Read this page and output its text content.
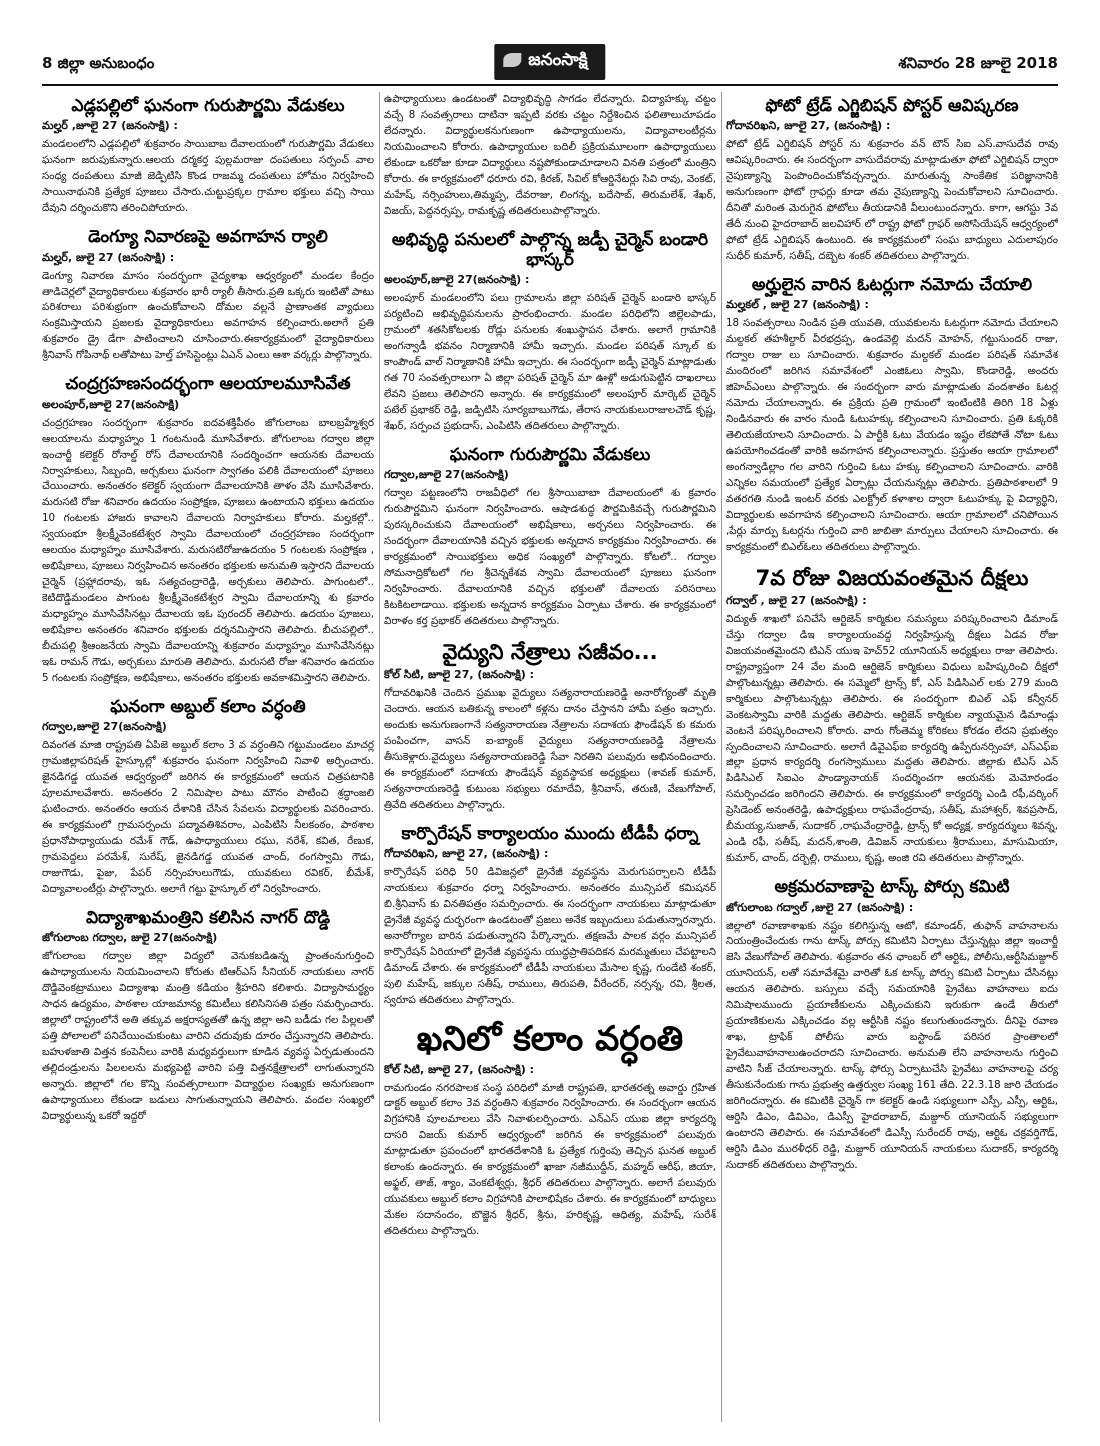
8 జిల్లా అనుబంధం	జనంసాక్షి	శనివారం 28 జూలై 2018
ఎడ్లపల్లిలో ఘనంగా గురుపౌర్ణమి వేడుకలు
మల్హర్ ,జూలై 27 (జనంసాక్షి) :
మండలంలోని ఎడ్లపల్లిలో శుక్రవారం సాయిబాబ దేవాలయంలో గురుపౌర్ణమి వేడుకలు ఘనంగా జరుపుకున్నారు.ఆలయ దర్మకర్త పుల్లమరాజు దంపతులు సర్పంచ్ వాల సంధ్య దంపతులు మాజీ జెడ్పిటిసి కొండ రాజమ్మ దంపతులు హోమం నిర్వహించి సాయినాథునికి ప్రత్యేక పూజలు చేసారు.చుట్టుప్రక్కల గ్రామాల భక్తులు వచ్చి సాయి దేవుని దర్శించుకొని తరించిపోయారు.
డెంగ్యూ నివారణపై అవగాహన ర్యాలి
మల్హర్, జులై 27 (జనంసాక్షి) :
డెంగ్యూ నివారణ మాసం సందర్భంగా వైద్యశాఖ ఆధ్వర్యంలో మండల కేంద్రం తాడిచెర్లలో వైద్యాధికారులు శుక్రవారం భారీ ర్యాలీ తీసారు.ప్రతి ఒక్కరు ఇంటితో పాటు పరిశరాలు పరిశుభ్రంగా ఉంచుకోవాలని దోమల వల్లనే ప్రాణాంతక వ్యాధులు సంక్రమిస్తాయని ప్రజలకు వైద్యాధికారులు అవగాహన కల్పించారు.అలాగే ప్రతి శుక్రవారం డ్రై డేగా పాటించాలని చూసించారు.ఈకార్యక్రమంలో వైద్యాధికారులు శ్రీనివాస్ గోపినాథ్ లతోపాటు హెల్త్ హసిస్టెంట్లు ఏఎన్ ఎంలు ఆశా వర్కర్లు పాల్గొన్నారు.
చంద్రగ్రహణసందర్భంగా ఆలయాలమూసివేత
అలంపూర్,జూలై 27(జనంసాక్షి)
చంద్రగ్రహణం సందర్భంగా శుక్రవారం ఐదవశక్తిపీఠం జోగులాంబ బాలబ్రహ్మేశ్వర ఆలయాలను మధ్యాహ్నం 1 గంటనుండి మూసివేశారు. జోగులాంబ గద్వాల జిల్లా ఇంచార్జీ కలెక్టర్ రోనాల్డ్ రోస్ దేవాలయానికి సందర్శించగా ఆయనకు దేవాలయ నిర్వాహకులు, సిబ్బంది, అర్చకులు ఘనంగా స్వాగతం పలికి దేవాలయంలో పూజలు చేయించారు. అనంతరం కలెక్టర్ స్వయంగా దేవాలయానికి తాళం వేసి మూసివేశారు. మరుసటి రోజు శనివారం ఉదయం సంప్రోక్షణ, పూజలు ఉంటాయని భక్తులు ఉదయం 10 గంటలకు హాజరు కావాలని దేవాలయ నిర్వాహకులు కోరారు. మల్హకల్లో.. స్వయంభూ శ్రీలక్ష్మీవెంకటేశ్వర స్వామి దేవాలయంలో చంద్రగ్రహణం సందర్భంగా ఆలయం మధ్యాహ్నం మూసివేశారు. మరుసటిరోజుఉదయం 5 గంటలకు సంప్రోక్షణ , అభిషేకాలు, పూజలు నిర్వహించిన అనంతరం భక్తులకు అనుమతి ఇస్తారని దేవాలయ చైర్మెన్ (ప్రహ్లాదరావు, ఇఓ సత్యచంద్రారెడ్డి, అర్చకులు తెలిపారు. పాగుంటలో.. కెటిదొడ్డిమండలం పాగుంట శ్రీలక్ష్మీవెంకటేశ్వర స్వామి దేవాలయాన్ని శు క్రవారం మధ్యాహ్నం మూసివేసినట్లు దేవాలయ ఇఓ పురందర్ తెలిపారు. ఉదయం పూజలు, అభిషేకాల అనంతరం శనివారం భక్తులకు దర్శనమిస్తారని తెలిపారు. బీచుపల్లిలో.. బీచుపల్లి శ్రీఆంజనేయ స్వామి దేవాలయాన్ని శుక్రవారం మధ్యాహ్నం మూసివేసినట్లు ఇఓ రామన్ గౌడు, అర్చకులు మారుతి తెలిపారు. మరుసటి రోజు శనివారం ఉదయం 5 గంటలకు సంప్రోక్షణ, అభిషేకాలు, అనంతరం భక్తులకు అవకాశమిస్తారని తెలిపారు.
ఘనంగా అబ్దుల్ కలాం వర్ధంతి
గద్వాల,జూలై 27(జనంసాక్షి)
దివంగత మాజి రాష్ట్రపతి ఏపిజె అబ్దుల్ కలాం 3 వ వర్ధంతిని గట్టుమండలం మాచర్ల గ్రామజిల్లాపరిషత్ హైస్కూల్లో శుక్రవారం ఘనంగా నిర్వహించి నివాళి అర్పించారు. జైనడిగడ్డ యువత ఆధ్వర్యంలో జరిగిన ఈ కార్యక్రమంలో ఆయన చిత్రపటానికి పూలమాలవేశారు. అనంతరం 2 నిమిషాల పాటు మౌనం పాటించి శ్రద్ధాంజలి ఘటించారు. అనంతరం ఆయన దేశానికి చేసిన సేవలను విద్యార్థులకు వివరించారు. ఈ కార్యక్రమంలో గ్రామసర్పంచు పద్మావతిశివరాం, ఎంపిటిసి నీలకంఠం, పాఠశాల ప్రధానోపాధ్యాయుడు రమేశ్ గౌడ్, ఉపాధ్యాయులు రఘు, నరేశ్, కవిత, రేణుక, గ్రామపెద్దలు పరమేశ్, సురేష్, జైనడిగడ్డ యువత చాంద్, రంగస్వామి గౌడు, రాజుగౌడు, పైజు, పేపర్ నర్సింహులుగౌడు, యువకులు రవికర్, బీమేశ్, విద్యావాలంటీర్లు పాల్గొన్నారు. అలాగే గట్టు హైస్కూల్ లో నిర్వహించారు.
విద్యాశాఖమంత్రిని కలిసిన నాగర్ దొడ్డి
జోగులాంబ గద్వాల, జులై 27(జనంసాక్షి)
జోగులాంబ గద్వాల జిల్లా విద్యలో వెనుకబడిఉన్న ప్రాంతంనుగుర్తించి ఉపాధ్యాయులను నియమించాలని కోరుతు టిఆర్ఎస్ సీనియర్ నాయకులు నాగర్ దొడ్డివెంకట్రాములు విద్యాశాఖ మంత్రి కడియం శ్రీహరిని కలిశారు. విద్యాసామర్థ్యం సాధన ఉద్యమం, పాఠశాల యాజమాన్య కమిటీలు కలిసినిసతి పత్రం సమర్పించారు. జిల్లాలో రాష్ట్రంలోనే అతి తక్కువ అక్షరాస్యతతో ఉన్న జిల్లా అని బడీడు గల పిల్లలతో పత్తి పోలాలలో పనిచేయించుకుంటు వారిని చదువుకు దూరం చేస్తున్నారని తెలిపారు. బహుళజాతి విత్తన కంపెనీలు వారికి మధ్యవర్తులుగా కూడిన వ్యవస్థ ఏర్పడుతుందని తల్లిదండ్రులను పిలలలను మభ్యపెట్టి వారిని పత్తి విత్తనక్షేత్రాలలో లాగుతున్నారని అన్నారు. జిల్లాలో గల కొన్ని సంవత్సరాలుగా విద్యార్థుల సంఖ్యకు అనుగుణంగా ఉపాధ్యాయులు లేకుండా బడులు సాగుతున్నాయని తెలిపారు. వందల సంఖ్యలో విద్యార్థులున్న ఒకరో ఇద్దరో
ఉపాధ్యాయులు ఉండటంతో విద్యాభివృద్ధి సాగడం లేదన్నారు. విద్యాహక్కు చట్టం వచ్చే 8 సంవత్సరాలు దాటినా ఇప్పటి వరకు చట్టం నిర్దేశించిన ఫలితాలుచూపడం లేదన్నారు. విద్యార్థులకనుగుణంగా ఉపాధ్యాయులను, విద్యావాలంటీర్లను నియమించాలని కోరారు. ఉపాధ్యాయుల బదిలీ ప్రక్రియమూలంగా ఉపాధ్యాయులు లేకుండా ఒకరోజు కూడా విద్యార్థులు నష్టపోకుండాచూడాలని వినతి పత్రంలో మంత్రిని కోరారు. ఈ కార్యక్రమంలో ధరూరు రవి, కిరణ్, సివిల్ కోఆర్డినేటర్లు సివి రావు, వెంకట్, మహేష్, నర్సింహులు,తిమ్మప్ప, దేవరాజు, లింగన్న, బదేసాబ్, తిరుమలేశ్, శేఖర్, విజయ్, పెద్దనర్సప్ప, రామకృష్ణ తదితరులుపాల్గొన్నారు.
అభివృద్ధి పనులలో పాల్గొన్న జడ్పీ చైర్మెన్ బండారి భాస్కర్
అలంపూర్,జూలై 27(జనంసాక్షి) :
అలంపూర్ మండలంలోని పలు గ్రామాలను జిల్లా పరిషత్ చైర్మెన్ బండారి భాస్కర్ పర్యటించి అభివృద్ధిపనులను ప్రారంభించారు. మండల పరిధిలోని జిల్లెలపాడు, గ్రామంలో శతసికోటలకు రోడ్లు పనులకు శంఖుస్థాపన చేశారు. అలాగే గ్రామానికి అంగన్వాడీ భవనం నిర్మాణానికి హామీ ఇచ్చారు. మండల పరిషత్ స్కూల్ కు కాంపౌండ్ వాల్ నిర్మాణానికి హామీ ఇచ్చారు. ఈ సందర్భంగా జడ్పీ చైర్మెన్ మాట్లాడుతు గత 70 సంవత్సరాలుగా ఏ జిల్లా పరిషత్ చైర్మెన్ మా ఊళ్లో అడుగుపెట్టిన దాఖలాలు లేవని ప్రజలు తెలిపారని అన్నారు. ఈ కార్యక్రమంలో అలంపూర్ మార్కెట్ చైర్మెన్ పటేల్ ప్రభాకర్ రెడ్డి, జడ్పిటిసి సూర్యబాబుగౌడు, తేరాస నాయకులురాజులచౌడ్ కృష్ణ, శేఖర్, సర్పంచ ప్రభుదాస్, ఎంపిటిసి తదితరులు పాల్గొన్నారు.
ఘనంగా గురుపౌర్ణమి వేడుకలు
గద్వాల,జూలై 27(జనంసాక్షి)
గద్వాల పట్టణంలోని రాజవీధిలో గల శ్రీసాయిబాబా దేవాలయంలో శు క్రవారం గురుపౌర్ణమిని ఘనంగా నిర్వహించారు. ఆషాడశుద్ధ పౌర్ణమికివచ్చే గురుపౌర్ణమిని పురస్కరించుకుని దేవాలయంలో అభిషేకాలు, అర్చనలు నిర్వహించారు. ఈ సందర్భంగా దేవాలయానికి వచ్చిన భక్తులకు అన్నదాన కార్యక్రమం నిర్వహించారు. ఈ కార్యక్రమంలో సాయిభక్తులు అధిక సంఖ్యలో పాల్గొన్నారు. కోటలో.. గద్వాల సోమనాద్రికోటలో గల శ్రీచెన్నకేశవ స్వామి దేవాలయంలో పూజలు ఘనంగా నిర్వహించారు. దేవాలయానికి వచ్చిన భక్తులతో దేవాలయ పరిసరాలు కిటకిటలాడాయి. భక్తులకు అన్నదాన కార్యక్రమం ఏర్పాటు చేశారు. ఈ కార్యక్రమంలో విరాళం కర్త ప్రభాకర్ తదితరులు పాల్గొన్నారు.
వైద్యుని నేత్రాలు సజీవం...
కోల్ సిటి, జూలై 27, (జనంసాక్షి) :
గోదావరిఖనికి చెందిన ప్రముఖ వైద్యులు సత్యనారాయణరెడ్డి అనారోగ్యంతో మృతి చెందారు. ఆయన బతికున్న కాలంలో కళ్లను దానం చేస్తానని హామీ పత్రం ఇచ్చారు. అందుకు అనుగుణంగానే సత్యనారాయణ నేత్రాలను సదాశయ ఫౌండేషన్ కు కమరు పంపించగా, వాసన్ ఐ-బ్యాంక్ వైద్యులు సత్యనారాయణరెడ్డి నేత్రాలను తీసుకెళ్లారు.వైద్యులు సత్యనారాయణరెడ్డి సేవా నిరతిని పలువురు అభినందించారు. ఈ కార్యక్రమంలో సదాశయ ఫౌండేషన్ వ్యవస్థాపక అధ్యక్షులు (శావణ్ కుమార్, సత్యనారాయణరెడ్డి కుటుంబ సభ్యులు రమాదేవి, శ్రీనివాస్, తరుణి, వేణుగోపాల్, త్రివేది తదితరులు పాల్గొన్నారు.
కార్పొరేషన్ కార్యాలయం ముందు టీడీపీ ధర్నా
గోదావరిఖని, జూలై 27, (జనంసాక్షి) :
కార్పొరేషన్ పరిధి 50 డివిజన్లలో డ్రైనేజీ వ్యవస్థను మెరుగుపర్చాలని టీడీపీ నాయకులు శుక్రవారం ధర్నా నిర్వహించారు. అనంతరం మున్సిపల్ కమిషనర్ బి.శ్రీనివాస్ కు వినతిపత్రం సమర్పించారు. ఈ సందర్భంగా నాయకులు మాట్లాడుతూ డ్రైనేజీ వ్యవస్థ దుర్భరంగా ఉండటంతో ప్రజలు అనేక ఇబ్బందులు పడుతున్నారన్నారు. అనారోగ్యాల బారిన పడుతున్నారని పేర్కొన్నారు. తక్షణమే పాలక వర్గం మున్సిపల్ కార్పొరేషన్ ఏరియాలో డ్రైనేజీ వ్యవస్థను యుద్ధప్రాతిపదికన మరమ్మతులు చేపట్టాలని డిమాండ్ చేశారు. ఈ కార్యక్రమంలో టీడీపీ నాయకులు మేసాల కృష్ణ, గుండేటి శంకర్, పులి మహేష్, జక్కుల సతీష్, రాములు, తిరుపతి, వీరేందర్, నర్సన్న, రవి, శ్రీలత, స్వరూప తదితరులు పాల్గొన్నారు.
ఖనిలో కలాం వర్ధంతి
కోల్ సిటి, జూలై 27, (జనంసాక్షి) :
రామగుండం నగరపాలక సంస్థ పరిధిలో మాజీ రాష్ట్రపతి, భారతరత్న అవార్డు గ్రహిత డాక్టర్ అబ్దుల్ కలాం 3వ వర్ధంతిని శుక్రవారం నిర్వహించారు. ఈ సందర్భంగా ఆయన విగ్రహానికి పూలమాలలు వేసి నివాళులర్పించారు. ఎన్ఎస్ యుఐ జిల్లా కార్యదర్శి దాసరి విజయ్ కుమార్ ఆధ్వర్యంలో జరిగిన ఈ కార్యక్రమంలో పలువురు మాట్లాడుతూ ప్రపంచంలో భారతదేశానికి ఓ ప్రత్యేక గుర్తింపు తెచ్చిన ఘనత అబ్దుల్ కలాంకు ఉందన్నారు. ఈ కార్యక్రమంలో ఖాజా నజీముద్దీన్, మహ్మద్ ఆరీఫ్, జియా, అఫ్జల్, తాజ్, శ్యాం, వెంకటేశ్వర్లు, శ్రీధర్ తదితరులు పాల్గొన్నారు. అలాగే పలువురు యువకులు అబ్దుల్ కలాం విగ్రహానికి పాలాభిషేకం చేశారు. ఈ కార్యక్రమంలో బాధ్యులు మేకల సదానందం, బొజ్జెన శ్రీధర్, శ్రీను, హరికృష్ణ, ఆధిత్య, మహేష్, సురేశ్ తదితరులు పాల్గొన్నారు.
ఫోటో ట్రేడ్ ఎగ్జిబిషన్ పోస్టర్ ఆవిష్కరణ
గోదావరిఖని, జూలై 27, (జనంసాక్షి) :
ఫోటో ట్రేడ్ ఎగ్జిబిషన్ పోస్టర్ ను శుక్రవారం వన్ టౌన్ సిఐ ఎస్.వాసుదేవ రావు ఆవిష్కరించారు. ఈ సందర్భంగా వాసుదేవరావు మాట్లాడుతూ ఫోటో ఎగ్జిబిషన్ ద్వారా నైపుణ్యాన్ని పెంపొందించుకోవచ్చన్నారు. మారుతున్న సాంకేతిక పరిజ్ఞానానికి అనుగుణంగా ఫోటో గ్రాఫర్లు కూడా తమ నైపుణ్యాన్ని పెంచుకోవాలని సూచించారు. దీనితో మరింత మెరుగైన ఫోటోలు తీయడానికి వీలుంటుందన్నారు. కాగా, ఆగస్టు 3వ తేదీ నుంచి హైదరాబాద్ జలవిహార్ లో రాష్ట్ర ఫోటో గ్రాఫర్ అసోసియేషన్ ఆధ్వర్యంలో ఫోటో ట్రేడ్ ఎగ్జిబిషన్ ఉంటుంది. ఈ కార్యక్రమంలో సంఘ బాధ్యులు ఎదులాపురం సుధీర్ కుమార్, సతీష్, దబ్బెట శంకర్ తదితరులు పాల్గొన్నారు.
అర్హులైన వారిన ఓటర్లుగా నమోదు చేయాలి
మల్హకల్ , జులై 27 (జనంసాక్షి) :
18 సంవత్సరాలు నిండిన ప్రతి యువతి, యువకులను ఓటర్లుగా నమోదు చేయాలని మల్దకల్ తహశీల్దార్ వీరభద్రప్ప, ఉండవెల్లి మదన్ మోహన్, గట్టుసుందర్ రాజు, గద్వాల రాజు లు సూచించారు. శుక్రవారం మల్దకల్ మండల పరిషత్ సమావేశ మందిరంలో జరిగిన సమావేశంలో ఎంజిఓలు స్వామి, కొండారెడ్డి, అందరు జిహెచ్ఎంలు పాల్గొన్నారు. ఈ సందర్భంగా వారు మాట్లాడుతు వందశాతం ఓటర్ల నమోదు చేయాలన్నారు. ఈ ప్రక్రియ ప్రతి గ్రామంలో ఇంటింటికి తిరిగి 18 ఏళ్లు నిండినవారు ఈ వారం నుండి ఓటుహక్కు కల్పించాలని సూచించారు. ప్రతి ఓక్కరికి తెలియజేయాలని సూచించారు. ఏ పార్టీకి ఓటు వేయడం ఇష్టం లేకపోతే నోటా ఓటు ఉపయోగించడంతో వారికి అవగాహన కల్పించాలన్నారు. ప్రస్తుతం ఆయా గ్రామాలలో అంగన్వాడిల్లాం గల వారిని గుర్తించి ఓటు హక్కు కల్పించాలని సూచించారు. వారికి ఎన్నికల సమయంలో ప్రత్యేక ఏర్పాట్లు చేయనున్నట్లు తెలిపారు. ప్రతిపాఠశాలలో 9 వతరగతి నుండి ఇంటర్ వరకు ఎలక్ట్రోల్ కళాశాల ద్వారా ఓటుహక్కు పై విద్యార్థిని, విద్యార్థులకు అవగాహన కల్పించాలని సూచించారు. ఆయా గ్రామాలలో చనిపోయిన ,పేర్లు మార్పు ఓటర్లను గుర్తించి వారి జాబితా మార్పులు చేయాలని సూచించారు. ఈ కార్యక్రమంలో బిఎల్ఓలు తదితరులు పాల్గొన్నారు.
7వ రోజు విజయవంతమైన దీక్షలు
గద్వాల్ , జులై 27 (జనంసాక్షి) :
విద్యుత్ శాఖలో పనిచేసే ఆర్టిజెన్ కార్మికుల సమస్యలు పరిష్కరించాలని డిమాండ్ చేస్తు గద్వాల డిఇ కార్యాలయంవద్ద నిర్వహిస్తున్న దీక్షలు ఏడవ రోజు విజయవంతమైందని టిఎన్ యుఇ హెచ్52 యూనియన్ అధ్యక్షులు రాజు తెలిపారు. రాష్ట్రవ్యాప్తంగా 24 వేల మంది ఆర్టిజెన్ కార్మికులు విధులు బహిష్కరించి దీక్షలో పాల్గొంటున్నట్లు తెలిపారు. ఈ సమ్మెలో ట్రాన్స్ కో, ఎస్ పిడిసిఎల్ లకు 279 మంది కార్మికులు పాల్గొంటున్నట్లు తెలిపారు. ఈ సందర్భంగా బిఎల్ ఎఫ్ కన్వీనర్ వెంకటస్వామి వారికి మద్దతు తెలిపారు. ఆర్టిజెన్ కార్మికుల న్యాయమైన డిమాండ్లు వెంటనే పరిష్కరించాలని కోరారు. వారు గోంతెమ్మ కోరికలు కోరడం లేదని ప్రభుత్వం స్పందించాలని సూచించారు. అలాగే డివైఎఫ్ఐ కార్యదర్శి ఉప్పేరునర్సింహా, ఎస్ఎఫ్ఐ జిల్లా ప్రధాన కార్యదర్శి రంగస్వాములు మద్దతు తెలిపారు. జిల్లాకు టిఎస్ ఎన్ పిడిసిఎల్ సిఐఎం పాండ్యానాయక్ సందర్శించగా ఆయనకు మెమోరండం సమర్పించడం జరిగిందని తెలిపారు. ఈ కార్యక్రమంలో కార్యదర్శి ఎండి రఫీ,వర్కింగ్ ప్రెసిడెంట్ అనంతరెడ్డి, ఉపాధ్యక్షులు రాఘవేంద్రరావు, సతీష్, మహాశ్వర్, శివప్రసాద్, బీమయ్య,సుజాత్, సుదాకర్ ,రాఘవేంద్రారెడ్డి, ట్రాన్స్ కో అధ్యక్ష, కార్యదర్శులు శివన్న, ఎండి రఫీ, సతీష్, మదన్,శాంతి, డివిజన్ నాయకులు శ్రీరాములు, మాసుమియా, కుమార్, చాంద్, దర్బెల్లి, రాములు, కృష్ణ, అంజి రవి తదితరులు పాల్గొన్నారు.
అక్రమరవాణాపై టాస్క్ పోర్సు కమిటి
జోగులాంబ గద్వాల్ ,జులై 27 (జనంసాక్షి) :
జిల్లాలో రవాణాశాఖకు నష్టం కలిగిస్తున్న ఆటో, కమాండర్, తుఫాన్ వాహనాలను నియంత్రించేందుకు గాను టాస్క్ పోర్సు కమిటిని ఏర్పాటు చేస్తున్నట్లు జిల్లా ఇంచార్జీ జెసి వేణుగోపాల్ తెలిపారు. శుక్రవారం తన ఛాంబర్ లో ఆర్టిఓ, పోలీసు,ఆర్టీసిమజ్దూర్ యూనియన్, లతో సమావేశమై వారితో ఓక టాస్క్ పోర్సు కమిటి ఏర్పాటు చేసినట్లు ఆయన తెలిపారు. బస్సులు వచ్చే సమయానికి ప్రైవేటు వాహనాలు ఐదు నిమిషాలముందు ప్రయాణీకులను ఎక్కించుకుని ఇరుకుగా ఉండే తీరులో ప్రయాణికులను ఎక్కించడం వల్ల ఆర్టీసికి నష్టం కలుగుతుందన్నారు. దీనిపై రవాణ శాఖ, ట్రాఫిక్ పోలీసు వారు బస్టాండ్ పరిసర ప్రాంతాలలో ప్రైవేటువాహనాలుఉంచరాదని సూచించారు. అనుమతి లేని వాహనాలను గుర్తించి వాటిని సీజ్ చేయాలన్నారు. టాస్క్ ఫోర్సు ఏర్పాటుచేసి ప్రైవేటు వాహనాలపై చర్య తీసుకునేందుకు గాను ప్రభుత్వ ఉత్తర్వుల సంఖ్య 161 తేది. 22.3.18 జారి చేయడం జరిగిందన్నారు. ఈ కమిటికి చైర్మెన్ గా కలెక్టర్ ఉండి సభ్యులుగా ఎస్పీ, ఎస్పీ, ఆర్టిఓ, ఆర్డిసి డిఎం, డివిఎం, డిఎస్పీ హైదరాబాద్, మజ్దూర్ యూనియన్ సభ్యులుగా ఉంటారని తెలిపారు. ఈ సమావేశంలో డిఎస్పీ సురేందర్ రావు, ఆర్టిఓ చక్రవర్తిగౌడ్, ఆర్డిసి డిఎం మురళీధర్ రెడ్డి, మజ్దూర్ యూనియన్ నాయకులు సుదాకర్, కార్యదర్శి సుదాకర్ తదితరులు పాల్గొన్నారు.
